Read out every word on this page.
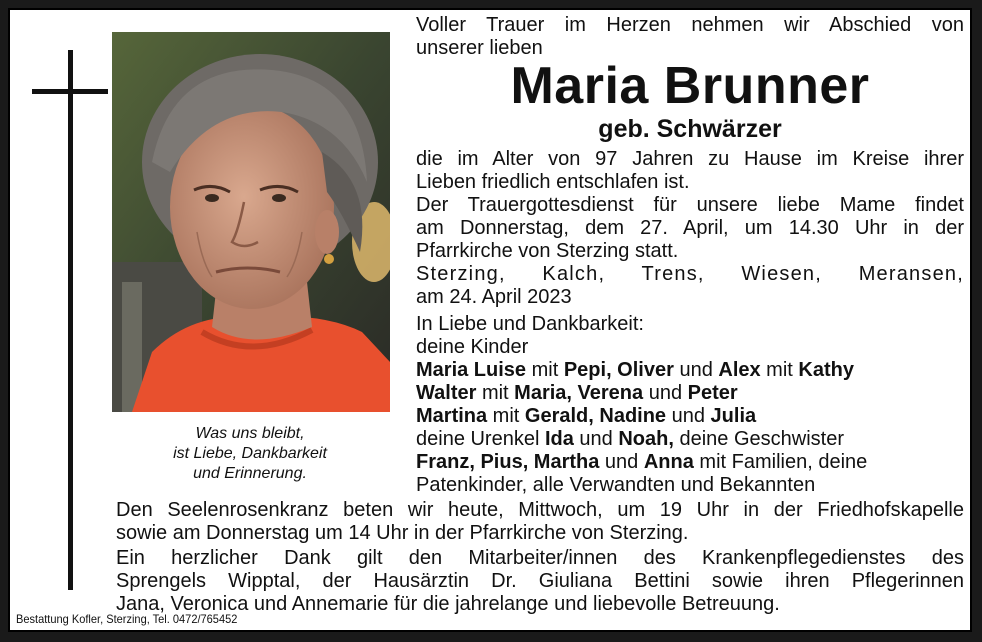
Was uns bleibt,
ist Liebe, Dankbarkeit
und Erinnerung.
Voller Trauer im Herzen nehmen wir Abschied von
unserer lieben
Maria Brunner
geb. Schwärzer
die im Alter von 97 Jahren zu Hause im Kreise ihrer
Lieben friedlich entschlafen ist.
Der Trauergottesdienst für unsere liebe Mame findet
am Donnerstag, dem 27. April, um 14.30 Uhr in der
Pfarrkirche von Sterzing statt.
Sterzing, Kalch, Trens, Wiesen, Meransen,
am 24. April 2023
In Liebe und Dankbarkeit:
deine Kinder
Maria Luise mit Pepi, Oliver und Alex mit Kathy
Walter mit Maria, Verena und Peter
Martina mit Gerald, Nadine und Julia
deine Urenkel Ida und Noah, deine Geschwister
Franz, Pius, Martha und Anna mit Familien, deine
Patenkinder, alle Verwandten und Bekannten
Den Seelenrosenkranz beten wir heute, Mittwoch, um 19 Uhr in der Friedhofskapelle
sowie am Donnerstag um 14 Uhr in der Pfarrkirche von Sterzing.
Ein herzlicher Dank gilt den Mitarbeiter/innen des Krankenpflegedienstes des
Sprengels Wipptal, der Hausärztin Dr. Giuliana Bettini sowie ihren Pflegerinnen
Jana, Veronica und Annemarie für die jahrelange und liebevolle Betreuung.
Bestattung Kofler, Sterzing, Tel. 0472/765452
